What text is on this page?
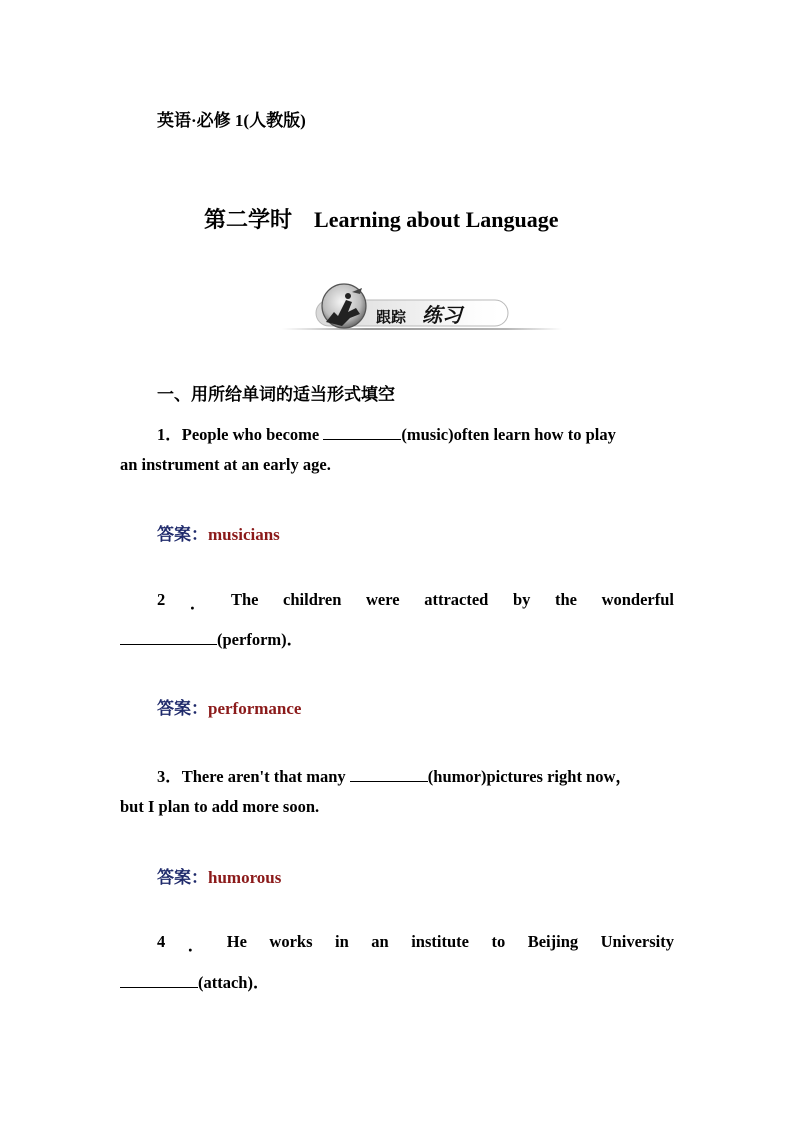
英语·必修 1(人教版)
第二学时 Learning about Language
跟踪 练习
一、用所给单词的适当形式填空
1．People who become	(music)often learn how to play
an instrument at an early age.
答案：musicians
2 ． The children were attracted by the wonderful
(perform)．
答案：performance
3．There aren't that many	(humor)pictures right now，
but I plan to add more soon.
答案：humorous
4 ． He works in an institute to Beijing University
(attach)．
